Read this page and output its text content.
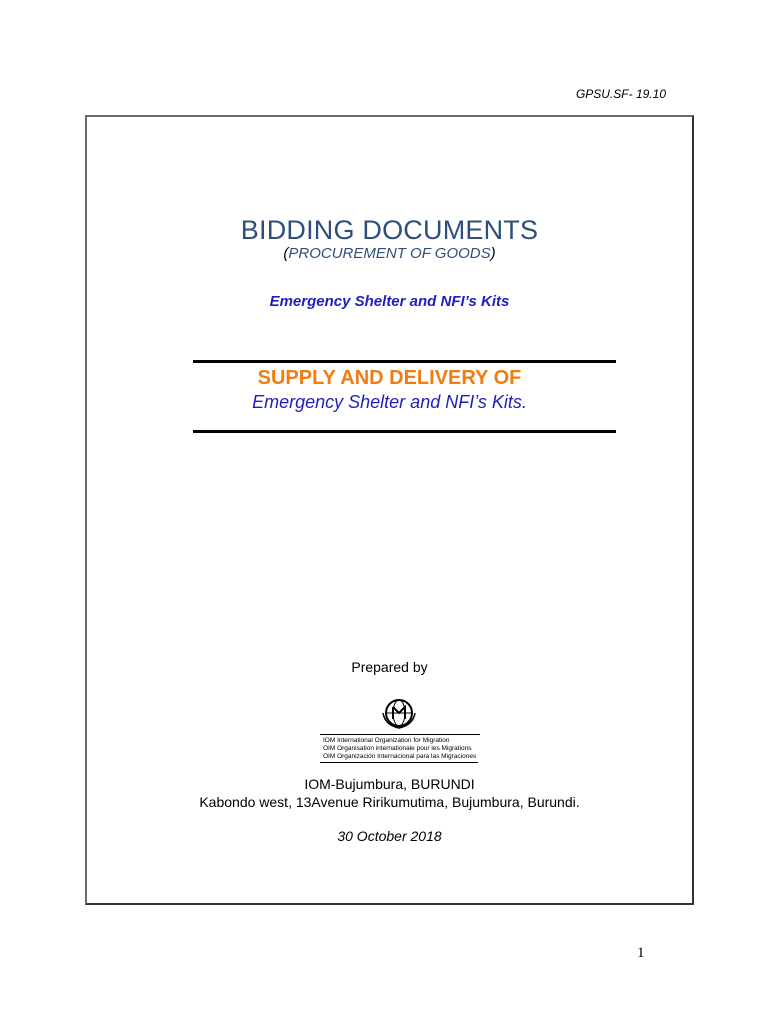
GPSU.SF- 19.10
BIDDING DOCUMENTS
(PROCUREMENT OF GOODS)
Emergency Shelter and NFI’s Kits
SUPPLY AND DELIVERY OF
Emergency Shelter and NFI’s Kits.
Prepared by
IOM International Organization for Migration
OIM Organisation internationale pour les Migrations
OIM Organización Internacional para las Migraciones
IOM-Bujumbura, BURUNDI
Kabondo west, 13Avenue Ririkumutima, Bujumbura, Burundi.
30 October 2018
1
